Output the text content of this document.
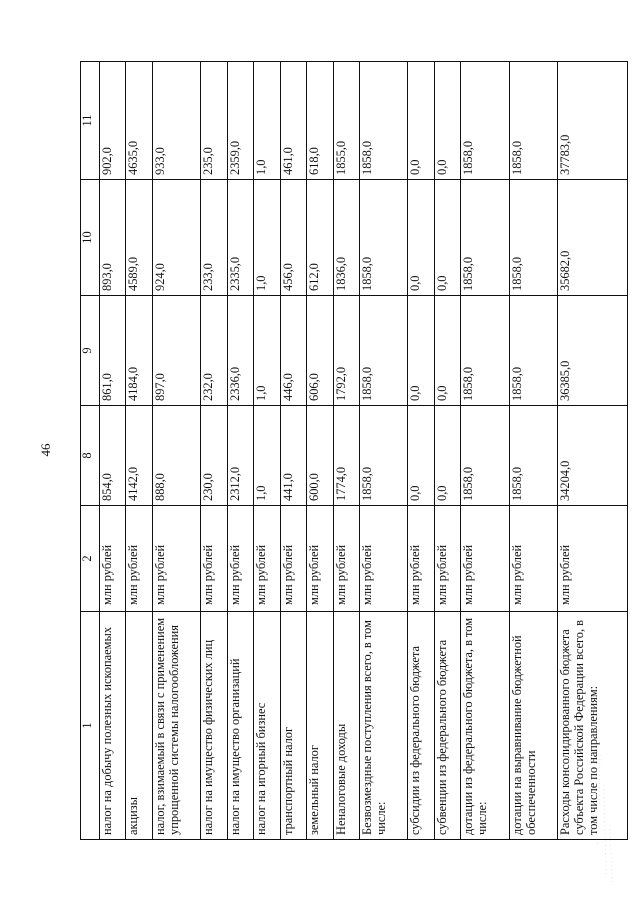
46
1	2	8	9	10	11
налог на добычу полезных ископаемых	млн рублей	854,0	861,0	893,0	902,0
акцизы	млн рублей	4142,0	4184,0	4589,0	4635,0
налог, взимаемый в связи с применением упрощенной системы налогообложения	млн рублей	888,0	897,0	924,0	933,0
налог на имущество физических лиц	млн рублей	230,0	232,0	233,0	235,0
налог на имущество организаций	млн рублей	2312,0	2336,0	2335,0	2359,0
налог на игорный бизнес	млн рублей	1,0	1,0	1,0	1,0
транспортный налог	млн рублей	441,0	446,0	456,0	461,0
земельный налог	млн рублей	600,0	606,0	612,0	618,0
Неналоговые доходы	млн рублей	1774,0	1792,0	1836,0	1855,0
Безвозмездные поступления всего, в том числе:	млн рублей	1858,0	1858,0	1858,0	1858,0
субсидии из федерального бюджета	млн рублей	0,0	0,0	0,0	0,0
субвенции из федерального бюджета	млн рублей	0,0	0,0	0,0	0,0
дотации из федерального бюджета, в том числе:	млн рублей	1858,0	1858,0	1858,0	1858,0
дотации на выравнивание бюджетной обеспеченности	млн рублей	1858,0	1858,0	1858,0	1858,0
Расходы консолидированного бюджета субъекта Российской Федерации всего, в том числе по направлениям:	млн рублей	34204,0	36385,0	35682,0	37783,0
